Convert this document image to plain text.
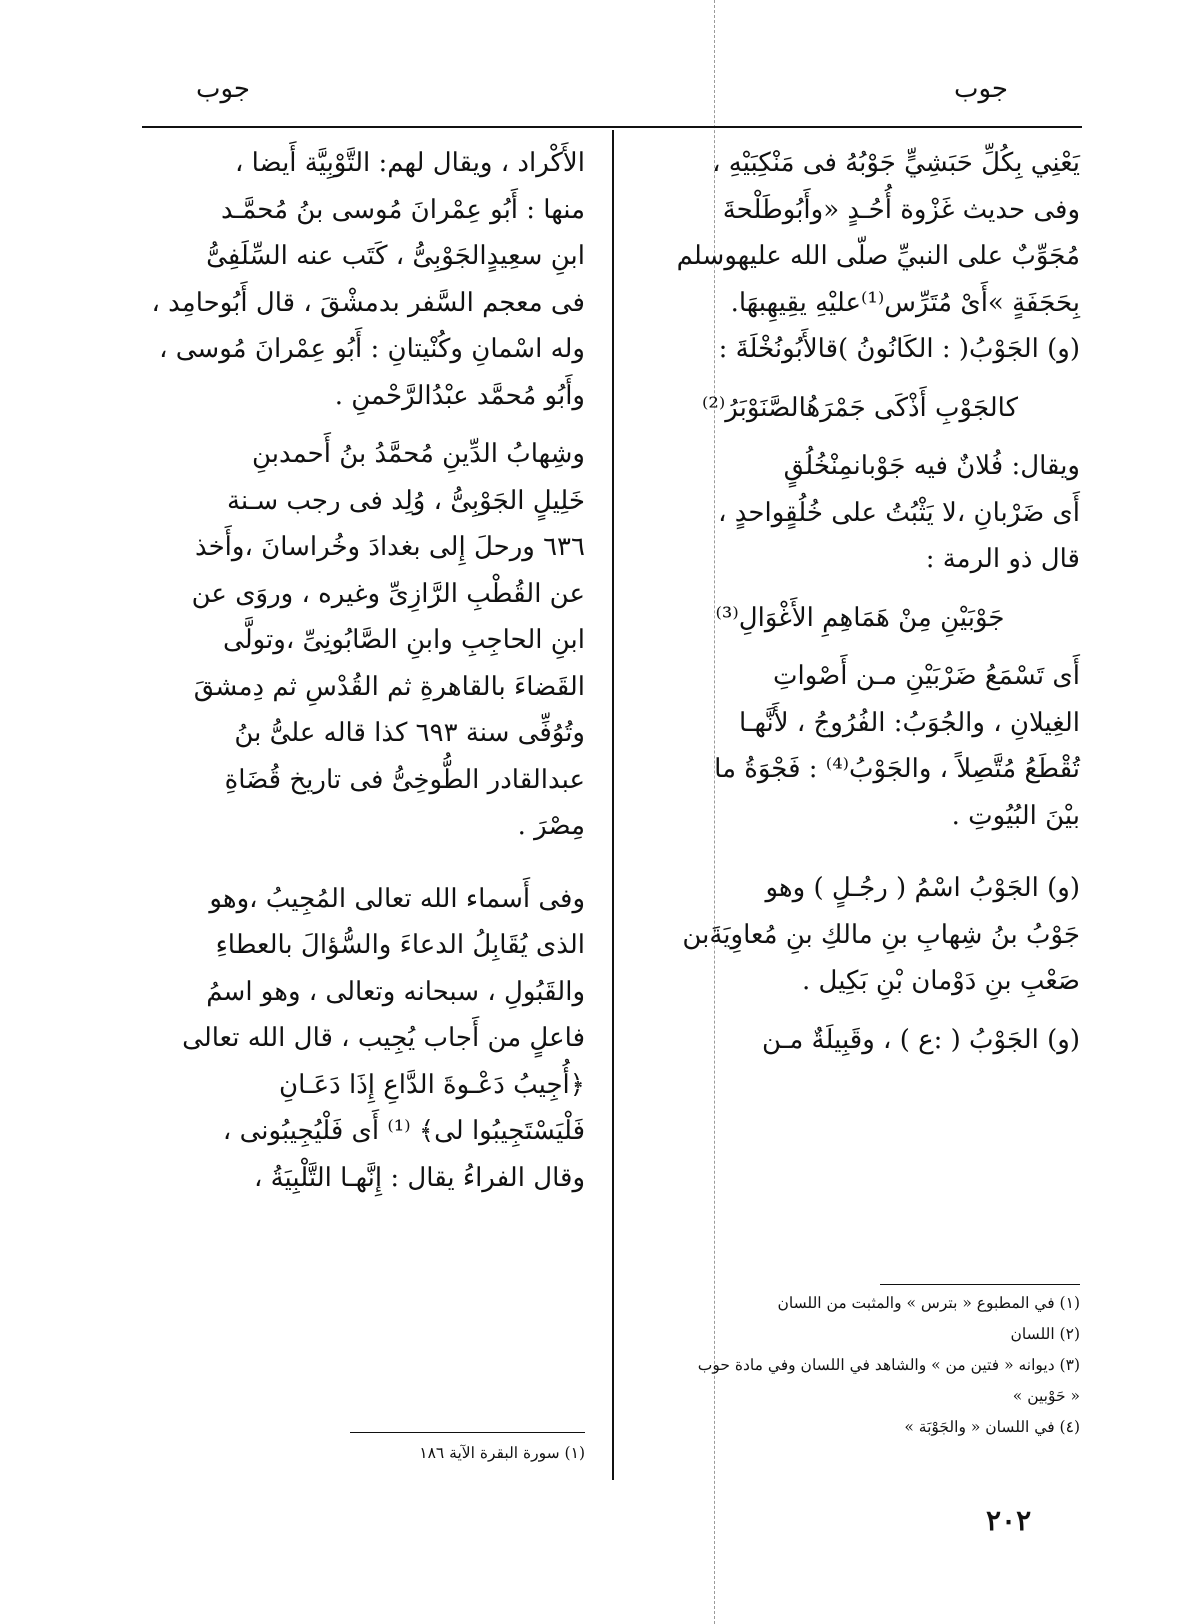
جوب
جوب

يَعْنِي بِكُلِّ حَبَشِيٍّ جَوْبُهُ فى مَنْكِبَيْهِ ،

وفى حديث غَزْوة أُحُـدٍ «وأَبُوطَلْحةَ

مُجَوِّبٌ على النبيِّ صلّى الله عليهوسلم

بِحَجَفَةٍ »أَىْ مُتَرِّس⁽¹⁾عليْهِ يقِيهِبهَا.

(و) الجَوْبُ( : الكَانُونُ )قالأَبُونُخْلَةَ :

كالجَوْبِ أَذْكَى جَمْرَهُالصَّنَوْبَرُ⁽²⁾

ويقال: فُلانٌ فيه جَوْبانمِنْخُلُقٍ

أَى ضَرْبانِ ،لا يَثْبُتُ على خُلُقٍواحدٍ ،

قال ذو الرمة :

جَوْبَيْنِ مِنْ هَمَاهِمِ الأَغْوَالِ⁽³⁾

أَى تَسْمَعُ ضَرْبَيْنِ مـن أَصْواتِ

الغِيلانِ ، والجُوَبُ: الفُرُوجُ ، لأَنَّهـا

تُقْطَعُ مُتَّصِلاً ، والجَوْبُ⁽⁴⁾ : فَجْوَةُ ما

بيْنَ البُيُوتِ .

(و) الجَوْبُ اسْمُ ( رجُـلٍ ) وهو

جَوْبُ بنُ شِهابِ بنِ مالكِ بنِ مُعاوِيَةَبن

صَعْبِ بنِ دَوْمان بْنِ بَكِيل .

(و) الجَوْبُ ( :ع ) ، وقَبِيلَةٌ مـن

(١) في المطبوع « بترس » والمثبت من اللسان
(٢) اللسان
(٣) ديوانه « فتين من » والشاهد في اللسان وفي مادة حوب
« حَوْبين »
(٤) في اللسان « والجَوْبَة »

الأَكْراد ، ويقال لهم: التَّوْبِيَّة أَيضا ،

منها : أَبُو عِمْرانَ مُوسى بنُ مُحمَّـد

ابنِ سعِيدٍالجَوْبِىُّ ، كَتَب عنه السِّلَفِىُّ

فى معجم السَّفر بدمشْقَ ، قال أَبُوحامِد ،

وله اسْمانِ وكُنْيتانِ : أَبُو عِمْرانَ مُوسى ،

وأَبُو مُحمَّد عبْدُالرَّحْمنِ .

وشِهابُ الدِّينِ مُحمَّدُ بنُ أَحمدبنِ

خَلِيلٍ الجَوْبِىُّ ، وُلِد فى رجب سـنة

٦٣٦ ورحلَ إِلى بغدادَ وخُراسانَ ،وأَخذ

عن القُطْبِ الرَّازِىِّ وغيره ، وروَى عن

ابنِ الحاجِبِ وابنِ الصَّابُونِىِّ ،وتولَّى

القَضاءَ بالقاهرةِ ثم القُدْسِ ثم دِمشقَ

وتُوُفِّى سنة ٦٩٣ كذا قاله علىُّ بنُ

عبدالقادر الطُّوخِىُّ فى تاريخ قُضَاةِ

مِصْرَ .

وفى أَسماء الله تعالى المُجِيبُ ،وهو

الذى يُقَابِلُ الدعاءَ والسُّؤالَ بالعطاءِ

والقَبُولِ ، سبحانه وتعالى ، وهو اسمُ

فاعلٍ من أَجاب يُجِيب ، قال الله تعالى

﴿أُجِيبُ دَعْـوةَ الدَّاعِ إِذَا دَعَـانِ

فَلْيَسْتَجِيبُوا لى﴾ ⁽¹⁾ أَى فَلْيُجِيبُونى ،

وقال الفراءُ يقال : إِنَّهـا التَّلْبِيَةُ ،

(١) سورة البقرة الآية ١٨٦
٢٠٢
